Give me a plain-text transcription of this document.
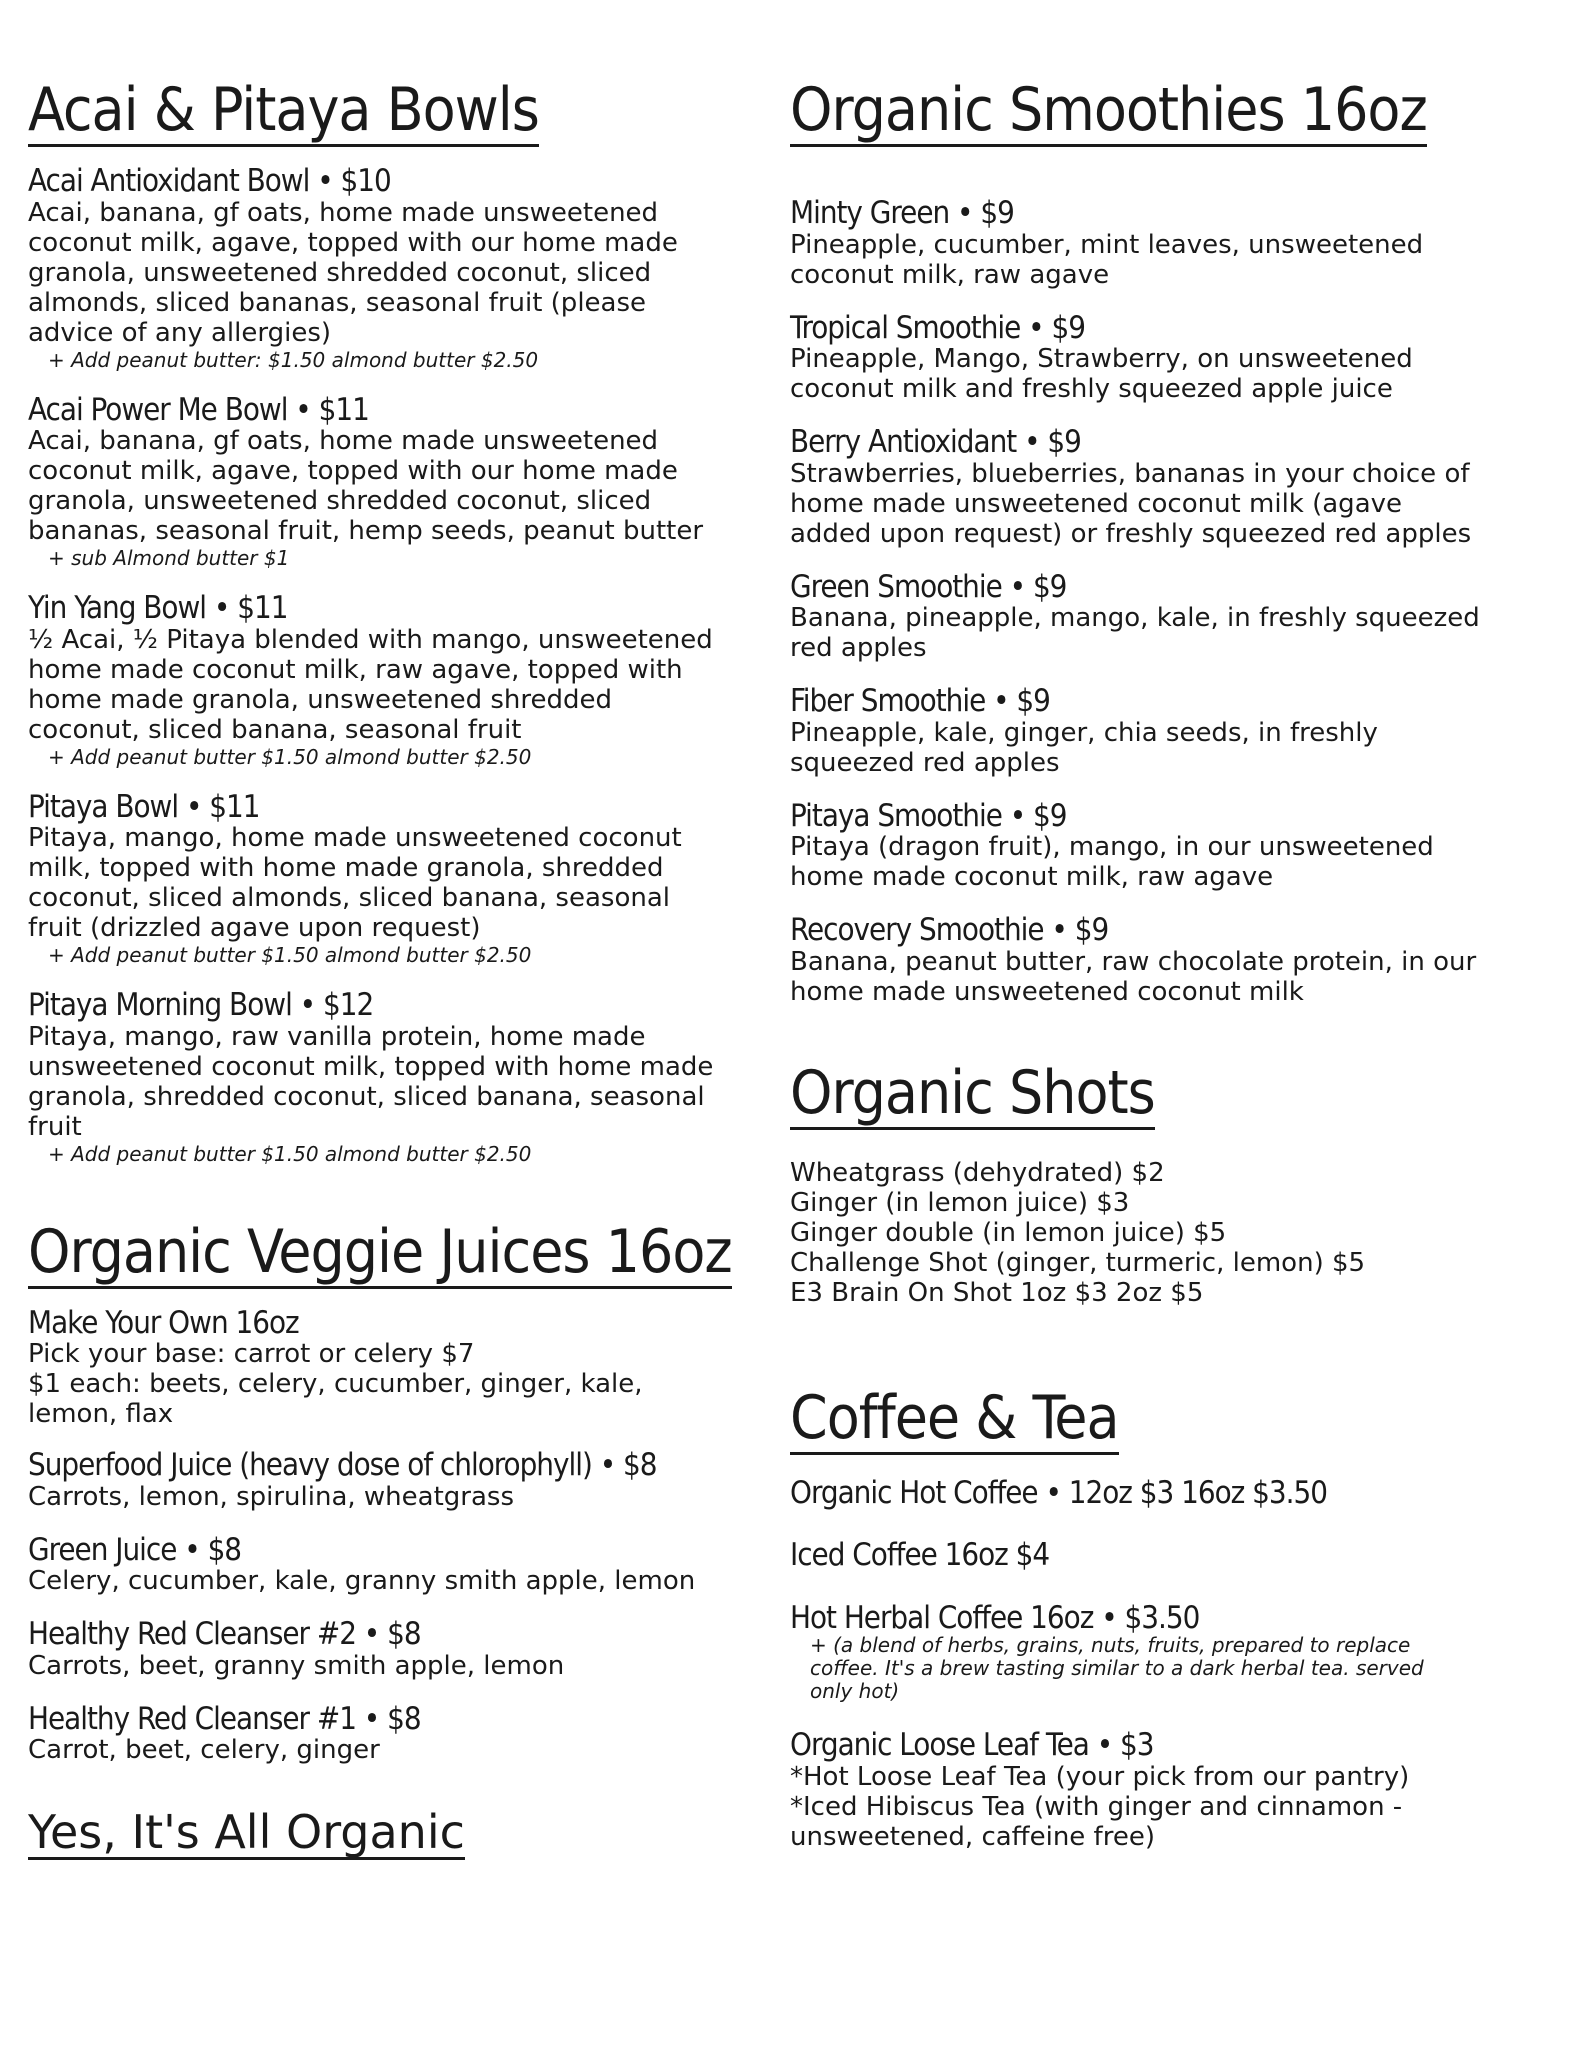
Acai & Pitaya Bowls
Acai Antioxidant Bowl • $10
Acai, banana, gf oats, home made unsweetened
coconut milk, agave, topped with our home made
granola, unsweetened shredded coconut, sliced
almonds, sliced bananas, seasonal fruit (please
advice of any allergies)
+ Add peanut butter: $1.50 almond butter $2.50
Acai Power Me Bowl • $11
Acai, banana, gf oats, home made unsweetened
coconut milk, agave, topped with our home made
granola, unsweetened shredded coconut, sliced
bananas, seasonal fruit, hemp seeds, peanut butter
+ sub Almond butter $1
Yin Yang Bowl • $11
½ Acai, ½ Pitaya blended with mango, unsweetened
home made coconut milk, raw agave, topped with
home made granola, unsweetened shredded
coconut, sliced banana, seasonal fruit
+ Add peanut butter $1.50 almond butter $2.50
Pitaya Bowl • $11
Pitaya, mango, home made unsweetened coconut
milk, topped with home made granola, shredded
coconut, sliced almonds, sliced banana, seasonal
fruit (drizzled agave upon request)
+ Add peanut butter $1.50 almond butter $2.50
Pitaya Morning Bowl • $12
Pitaya, mango, raw vanilla protein, home made
unsweetened coconut milk, topped with home made
granola, shredded coconut, sliced banana, seasonal
fruit
+ Add peanut butter $1.50 almond butter $2.50
Organic Veggie Juices 16oz
Make Your Own 16oz
Pick your base: carrot or celery $7
$1 each: beets, celery, cucumber, ginger, kale,
lemon, flax
Superfood Juice (heavy dose of chlorophyll) • $8
Carrots, lemon, spirulina, wheatgrass
Green Juice • $8
Celery, cucumber, kale, granny smith apple, lemon
Healthy Red Cleanser #2 • $8
Carrots, beet, granny smith apple, lemon
Healthy Red Cleanser #1 • $8
Carrot, beet, celery, ginger
Yes, It's All Organic
Organic Smoothies 16oz
Minty Green • $9
Pineapple, cucumber, mint leaves, unsweetened
coconut milk, raw agave
Tropical Smoothie • $9
Pineapple, Mango, Strawberry, on unsweetened
coconut milk and freshly squeezed apple juice
Berry Antioxidant • $9
Strawberries, blueberries, bananas in your choice of
home made unsweetened coconut milk (agave
added upon request) or freshly squeezed red apples
Green Smoothie • $9
Banana, pineapple, mango, kale, in freshly squeezed
red apples
Fiber Smoothie • $9
Pineapple, kale, ginger, chia seeds, in freshly
squeezed red apples
Pitaya Smoothie • $9
Pitaya (dragon fruit), mango, in our unsweetened
home made coconut milk, raw agave
Recovery Smoothie • $9
Banana, peanut butter, raw chocolate protein, in our
home made unsweetened coconut milk
Organic Shots
Wheatgrass (dehydrated) $2
Ginger (in lemon juice) $3
Ginger double (in lemon juice) $5
Challenge Shot (ginger, turmeric, lemon) $5
E3 Brain On Shot 1oz $3 2oz $5
Coffee & Tea
Organic Hot Coffee • 12oz $3 16oz $3.50
Iced Coffee 16oz $4
Hot Herbal Coffee 16oz • $3.50
+ (a blend of herbs, grains, nuts, fruits, prepared to replace
coffee. It's a brew tasting similar to a dark herbal tea. served
only hot)
Organic Loose Leaf Tea • $3
*Hot Loose Leaf Tea (your pick from our pantry)
*Iced Hibiscus Tea (with ginger and cinnamon -
unsweetened, caffeine free)
